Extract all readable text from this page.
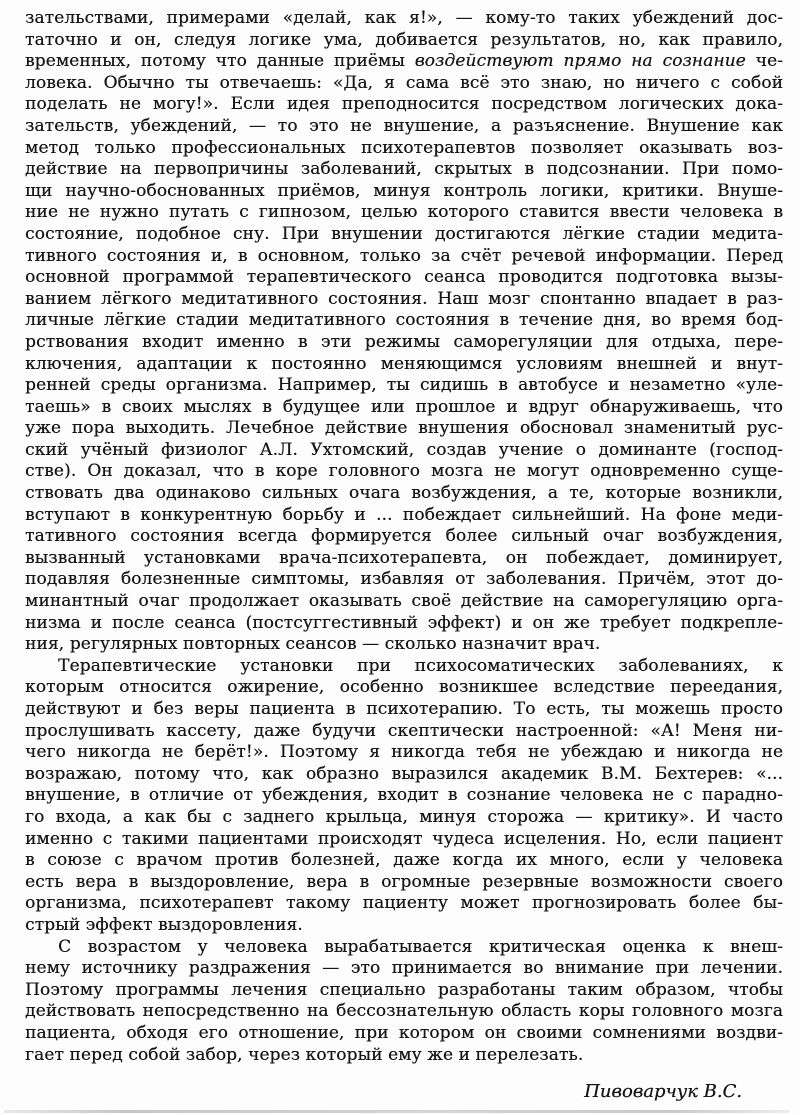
зательствами, примерами «делай, как я!», — кому-то таких убеждений дос-
таточно и он, следуя логике ума, добивается результатов, но, как правило,
временных, потому что данные приёмы воздействуют прямо на сознание че-
ловека. Обычно ты отвечаешь: «Да, я сама всё это знаю, но ничего с собой
поделать не могу!». Если идея преподносится посредством логических дока-
зательств, убеждений, — то это не внушение, а разъяснение. Внушение как
метод только профессиональных психотерапевтов позволяет оказывать воз-
действие на первопричины заболеваний, скрытых в подсознании. При помо-
щи научно-обоснованных приёмов, минуя контроль логики, критики. Внуше-
ние не нужно путать с гипнозом, целью которого ставится ввести человека в
состояние, подобное сну. При внушении достигаются лёгкие стадии медита-
тивного состояния и, в основном, только за счёт речевой информации. Перед
основной программой терапевтического сеанса проводится подготовка вызы-
ванием лёгкого медитативного состояния. Наш мозг спонтанно впадает в раз-
личные лёгкие стадии медитативного состояния в течение дня, во время бод-
рствования входит именно в эти режимы саморегуляции для отдыха, пере-
ключения, адаптации к постоянно меняющимся условиям внешней и внут-
ренней среды организма. Например, ты сидишь в автобусе и незаметно «уле-
таешь» в своих мыслях в будущее или прошлое и вдруг обнаруживаешь, что
уже пора выходить. Лечебное действие внушения обосновал знаменитый рус-
ский учёный физиолог А.Л. Ухтомский, создав учение о доминанте (господ-
стве). Он доказал, что в коре головного мозга не могут одновременно суще-
ствовать два одинаково сильных очага возбуждения, а те, которые возникли,
вступают в конкурентную борьбу и ... побеждает сильнейший. На фоне меди-
тативного состояния всегда формируется более сильный очаг возбуждения,
вызванный установками врача-психотерапевта, он побеждает, доминирует,
подавляя болезненные симптомы, избавляя от заболевания. Причём, этот до-
минантный очаг продолжает оказывать своё действие на саморегуляцию орга-
низма и после сеанса (постсуггестивный эффект) и он же требует подкрепле-
ния, регулярных повторных сеансов — сколько назначит врач.
Терапевтические установки при психосоматических заболеваниях, к
которым относится ожирение, особенно возникшее вследствие переедания,
действуют и без веры пациента в психотерапию. То есть, ты можешь просто
прослушивать кассету, даже будучи скептически настроенной: «А! Меня ни-
чего никогда не берёт!». Поэтому я никогда тебя не убеждаю и никогда не
возражаю, потому что, как образно выразился академик В.М. Бехтерев: «...
внушение, в отличие от убеждения, входит в сознание человека не с парадно-
го входа, а как бы с заднего крыльца, минуя сторожа — критику». И часто
именно с такими пациентами происходят чудеса исцеления. Но, если пациент
в союзе с врачом против болезней, даже когда их много, если у человека
есть вера в выздоровление, вера в огромные резервные возможности своего
организма, психотерапевт такому пациенту может прогнозировать более бы-
стрый эффект выздоровления.
С возрастом у человека вырабатывается критическая оценка к внеш-
нему источнику раздражения — это принимается во внимание при лечении.
Поэтому программы лечения специально разработаны таким образом, чтобы
действовать непосредственно на бессознательную область коры головного мозга
пациента, обходя его отношение, при котором он своими сомнениями воздви-
гает перед собой забор, через который ему же и перелезать.
Пивоварчук В.С.
